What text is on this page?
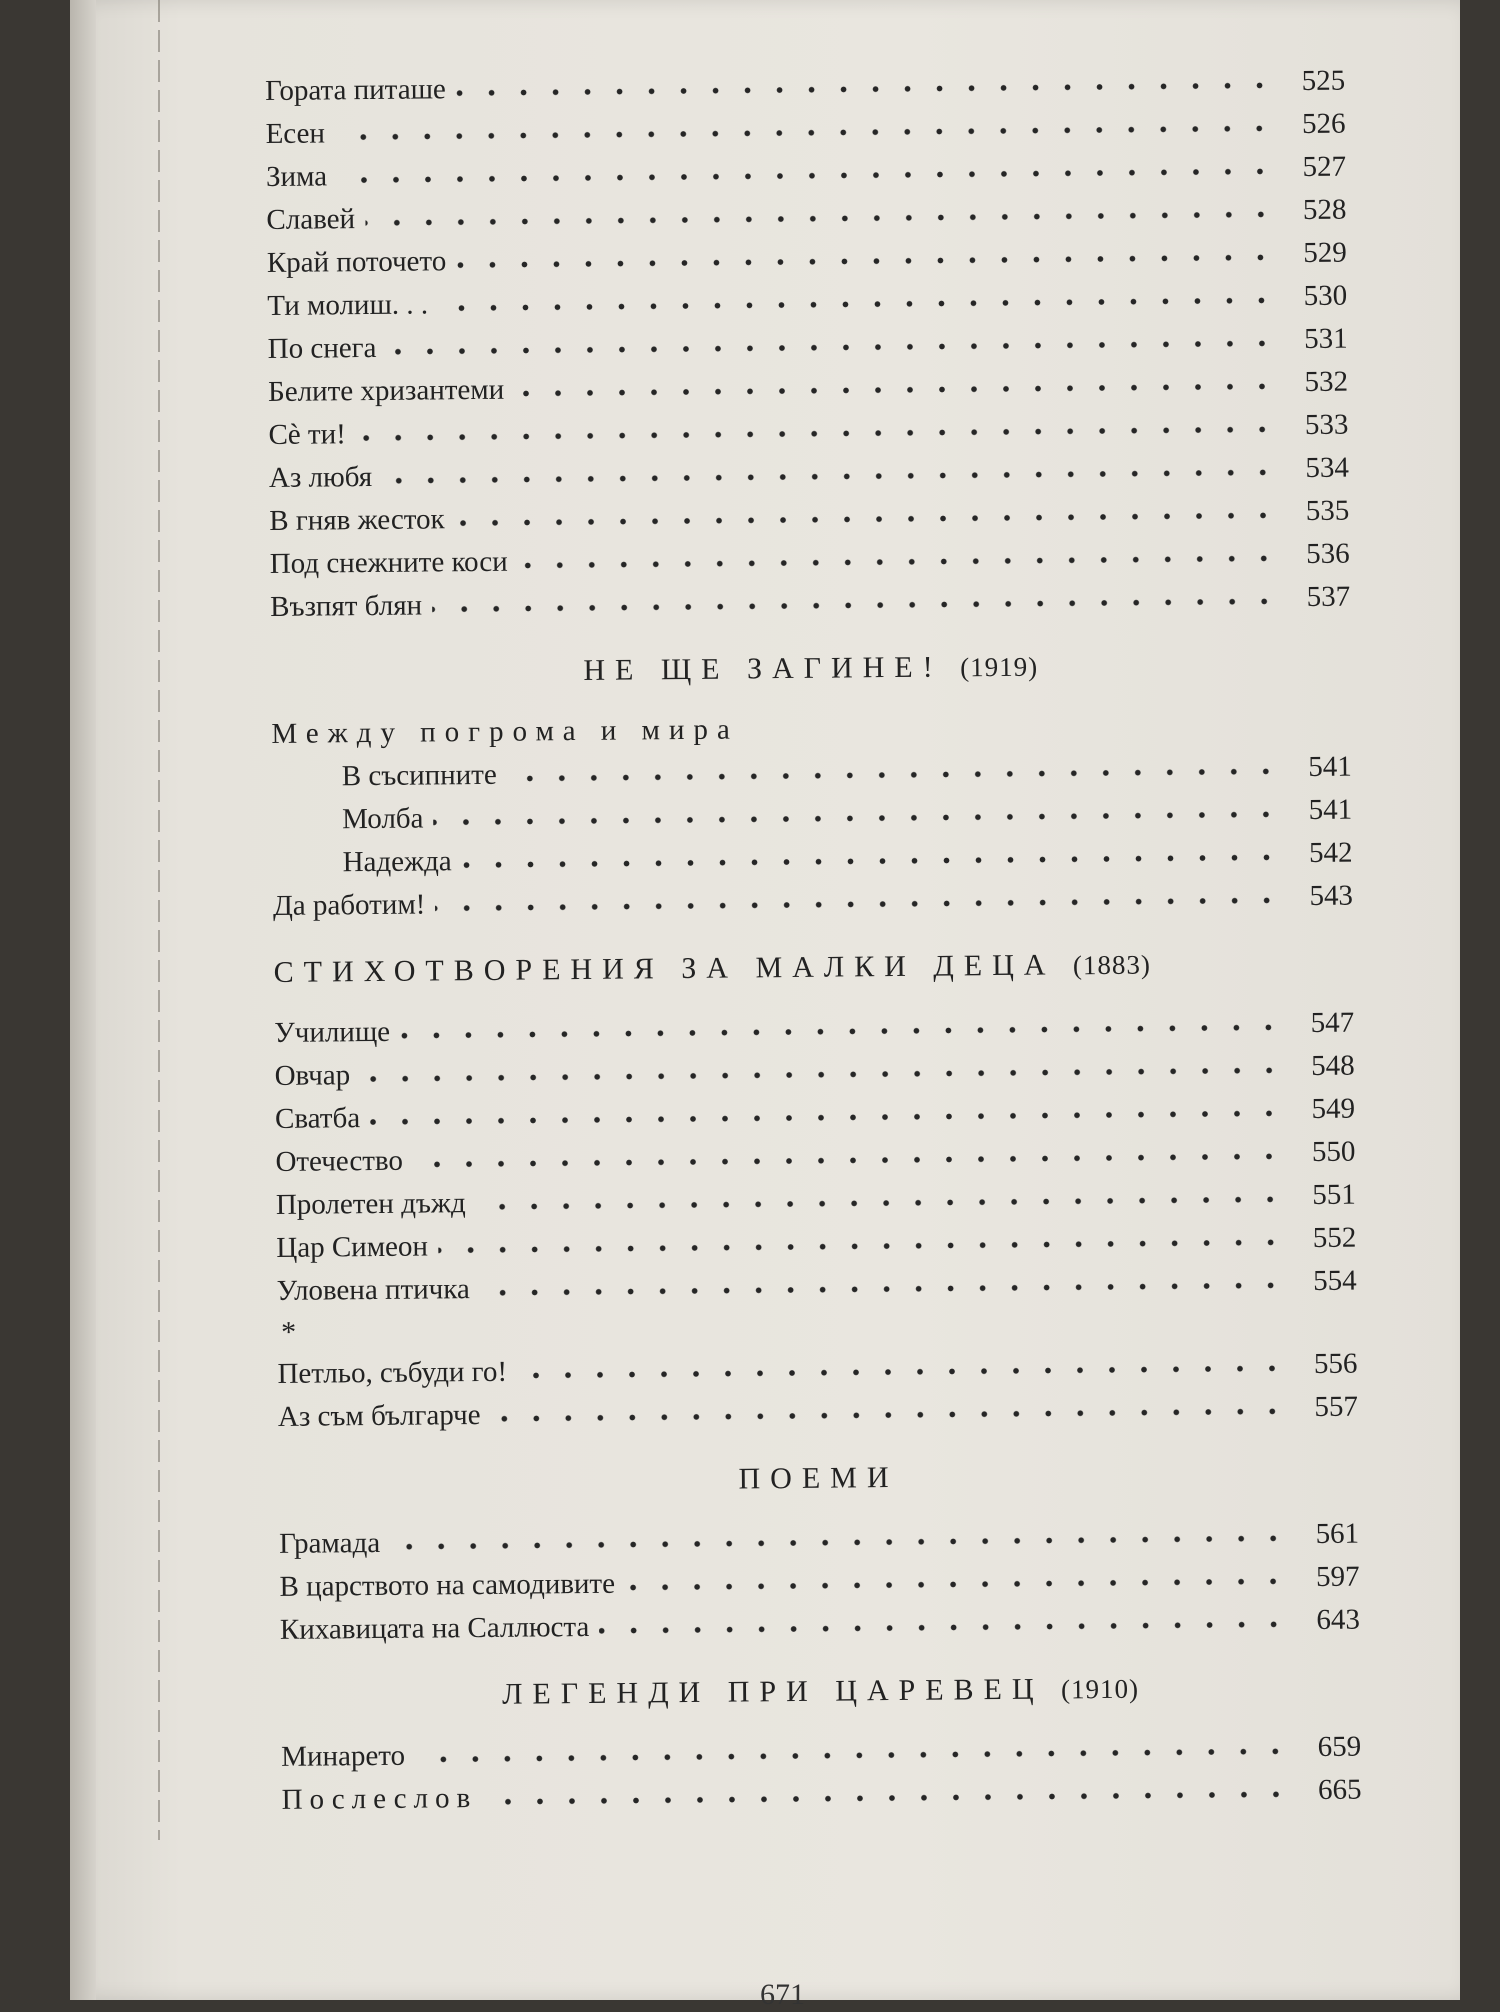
Гората питаше	525
Есен	526
Зима	527
Славей	528
Край поточето	529
Ти молиш. . .	530
По снега	531
Белите хризантеми	532
Сѐ ти!	533
Аз любя	534
В гняв жесток	535
Под снежните коси	536
Възпят блян	537
НЕ ЩЕ ЗАГИНЕ! (1919)
Между погрома и мира
В съсипните	541
Молба	541
Надежда	542
Да работим!	543
СТИХОТВОРЕНИЯ ЗА МАЛКИ ДЕЦА (1883)
Училище	547
Овчар	548
Сватба	549
Отечество	550
Пролетен дъжд	551
Цар Симеон	552
Уловена птичка	554
*
Петльо, събуди го!	556
Аз съм българче	557
ПОЕМИ
Грамада	561
В царството на самодивите	597
Кихавицата на Саллюста	643
ЛЕГЕНДИ ПРИ ЦАРЕВЕЦ (1910)
Минарето	659
Послеслов	665
671
